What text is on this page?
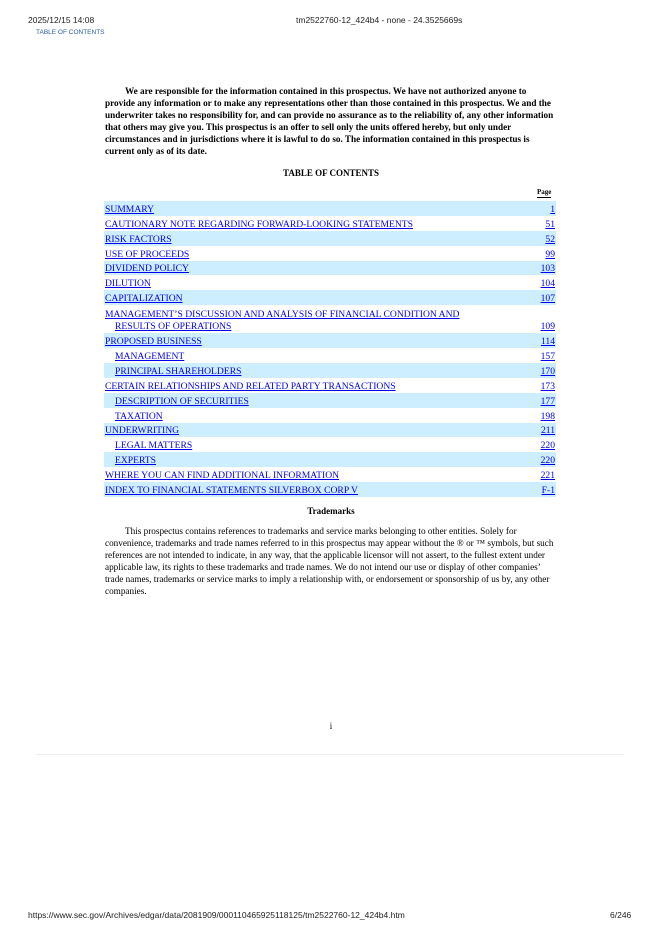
2025/12/15 14:08	tm2522760-12_424b4 - none - 24.3525669s
TABLE OF CONTENTS
We are responsible for the information contained in this prospectus. We have not authorized anyone to provide any information or to make any representations other than those contained in this prospectus. We and the underwriter takes no responsibility for, and can provide no assurance as to the reliability of, any other information that others may give you. This prospectus is an offer to sell only the units offered hereby, but only under circumstances and in jurisdictions where it is lawful to do so. The information contained in this prospectus is current only as of its date.
TABLE OF CONTENTS
Page
SUMMARY	1
CAUTIONARY NOTE REGARDING FORWARD-LOOKING STATEMENTS	51
RISK FACTORS	52
USE OF PROCEEDS	99
DIVIDEND POLICY	103
DILUTION	104
CAPITALIZATION	107
MANAGEMENT’S DISCUSSION AND ANALYSIS OF FINANCIAL CONDITION AND
RESULTS OF OPERATIONS	109
PROPOSED BUSINESS	114
MANAGEMENT	157
PRINCIPAL SHAREHOLDERS	170
CERTAIN RELATIONSHIPS AND RELATED PARTY TRANSACTIONS	173
DESCRIPTION OF SECURITIES	177
TAXATION	198
UNDERWRITING	211
LEGAL MATTERS	220
EXPERTS	220
WHERE YOU CAN FIND ADDITIONAL INFORMATION	221
INDEX TO FINANCIAL STATEMENTS SILVERBOX CORP V	F-1
Trademarks
This prospectus contains references to trademarks and service marks belonging to other entities. Solely for convenience, trademarks and trade names referred to in this prospectus may appear without the ® or ™ symbols, but such references are not intended to indicate, in any way, that the applicable licensor will not assert, to the fullest extent under applicable law, its rights to these trademarks and trade names. We do not intend our use or display of other companies’ trade names, trademarks or service marks to imply a relationship with, or endorsement or sponsorship of us by, any other companies.
i
https://www.sec.gov/Archives/edgar/data/2081909/000110465925118125/tm2522760-12_424b4.htm	6/246
